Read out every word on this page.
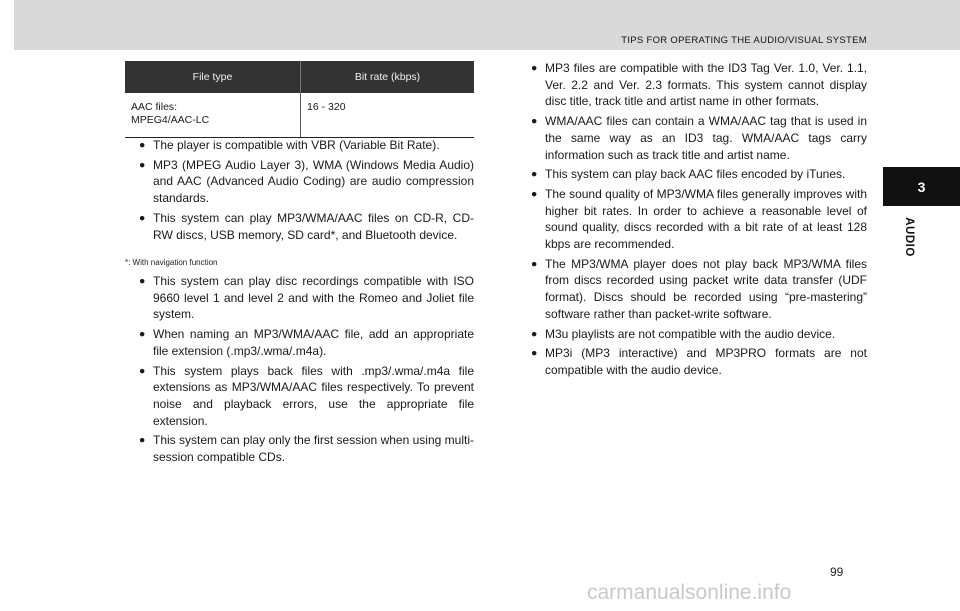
TIPS FOR OPERATING THE AUDIO/VISUAL SYSTEM
3
AUDIO
File type	Bit rate (kbps)

AAC files:
MPEG4/AAC-LC	16 - 320
● The player is compatible with VBR (Variable Bit Rate).
● MP3 (MPEG Audio Layer 3), WMA (Windows Media Audio) and AAC (Advanced Audio Coding) are audio compression standards.
● This system can play MP3/WMA/AAC files on CD-R, CD-RW discs, USB memory, SD card*, and Bluetooth device.
*: With navigation function
● This system can play disc recordings compatible with ISO 9660 level 1 and level 2 and with the Romeo and Joliet file system.
● When naming an MP3/WMA/AAC file, add an appropriate file extension (.mp3/.wma/.m4a).
● This system plays back files with .mp3/.wma/.m4a file extensions as MP3/WMA/AAC files respectively. To prevent noise and playback errors, use the appropriate file extension.
● This system can play only the first session when using multi-session compatible CDs.
● MP3 files are compatible with the ID3 Tag Ver. 1.0, Ver. 1.1, Ver. 2.2 and Ver. 2.3 formats. This system cannot display disc title, track title and artist name in other formats.
● WMA/AAC files can contain a WMA/AAC tag that is used in the same way as an ID3 tag. WMA/AAC tags carry information such as track title and artist name.
● This system can play back AAC files encoded by iTunes.
● The sound quality of MP3/WMA files generally improves with higher bit rates. In order to achieve a reasonable level of sound quality, discs recorded with a bit rate of at least 128 kbps are recommended.
● The MP3/WMA player does not play back MP3/WMA files from discs recorded using packet write data transfer (UDF format). Discs should be recorded using “pre-mastering” software rather than packet-write software.
● M3u playlists are not compatible with the audio device.
● MP3i (MP3 interactive) and MP3PRO formats are not compatible with the audio device.
99
carmanualsonline.info
